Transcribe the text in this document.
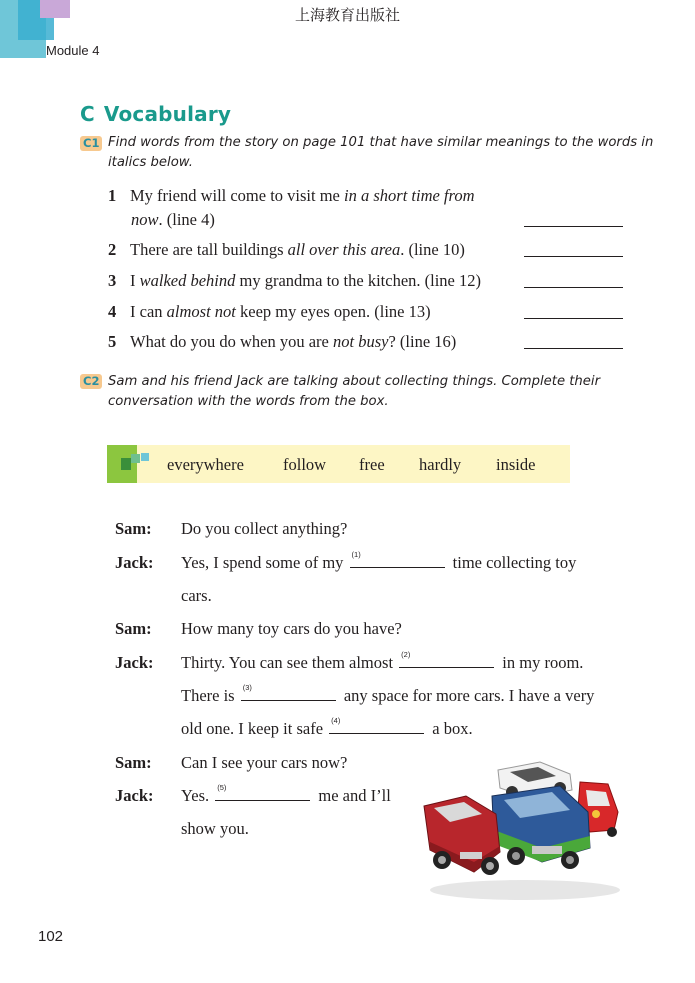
上海教育出版社
Module 4
C Vocabulary
C1 Find words from the story on page 101 that have similar meanings to the words in
italics below.
1 My friend will come to visit me in a short time from
now. (line 4)
2 There are tall buildings all over this area. (line 10)
3 I walked behind my grandma to the kitchen. (line 12)
4 I can almost not keep my eyes open. (line 13)
5 What do you do when you are not busy? (line 16)
C2 Sam and his friend Jack are talking about collecting things. Complete their
conversation with the words from the box.
everywhere follow free hardly inside
Sam: Do you collect anything?
Jack: Yes, I spend some of my (1)	time collecting toy
cars.
Sam: How many toy cars do you have?
Jack: Thirty. You can see them almost (2)	in my room.
There is (3)	any space for more cars. I have a very
old one. I keep it safe (4)	a box.
Sam: Can I see your cars now?
Jack: Yes. (5)	me and I’ll
show you.
102
